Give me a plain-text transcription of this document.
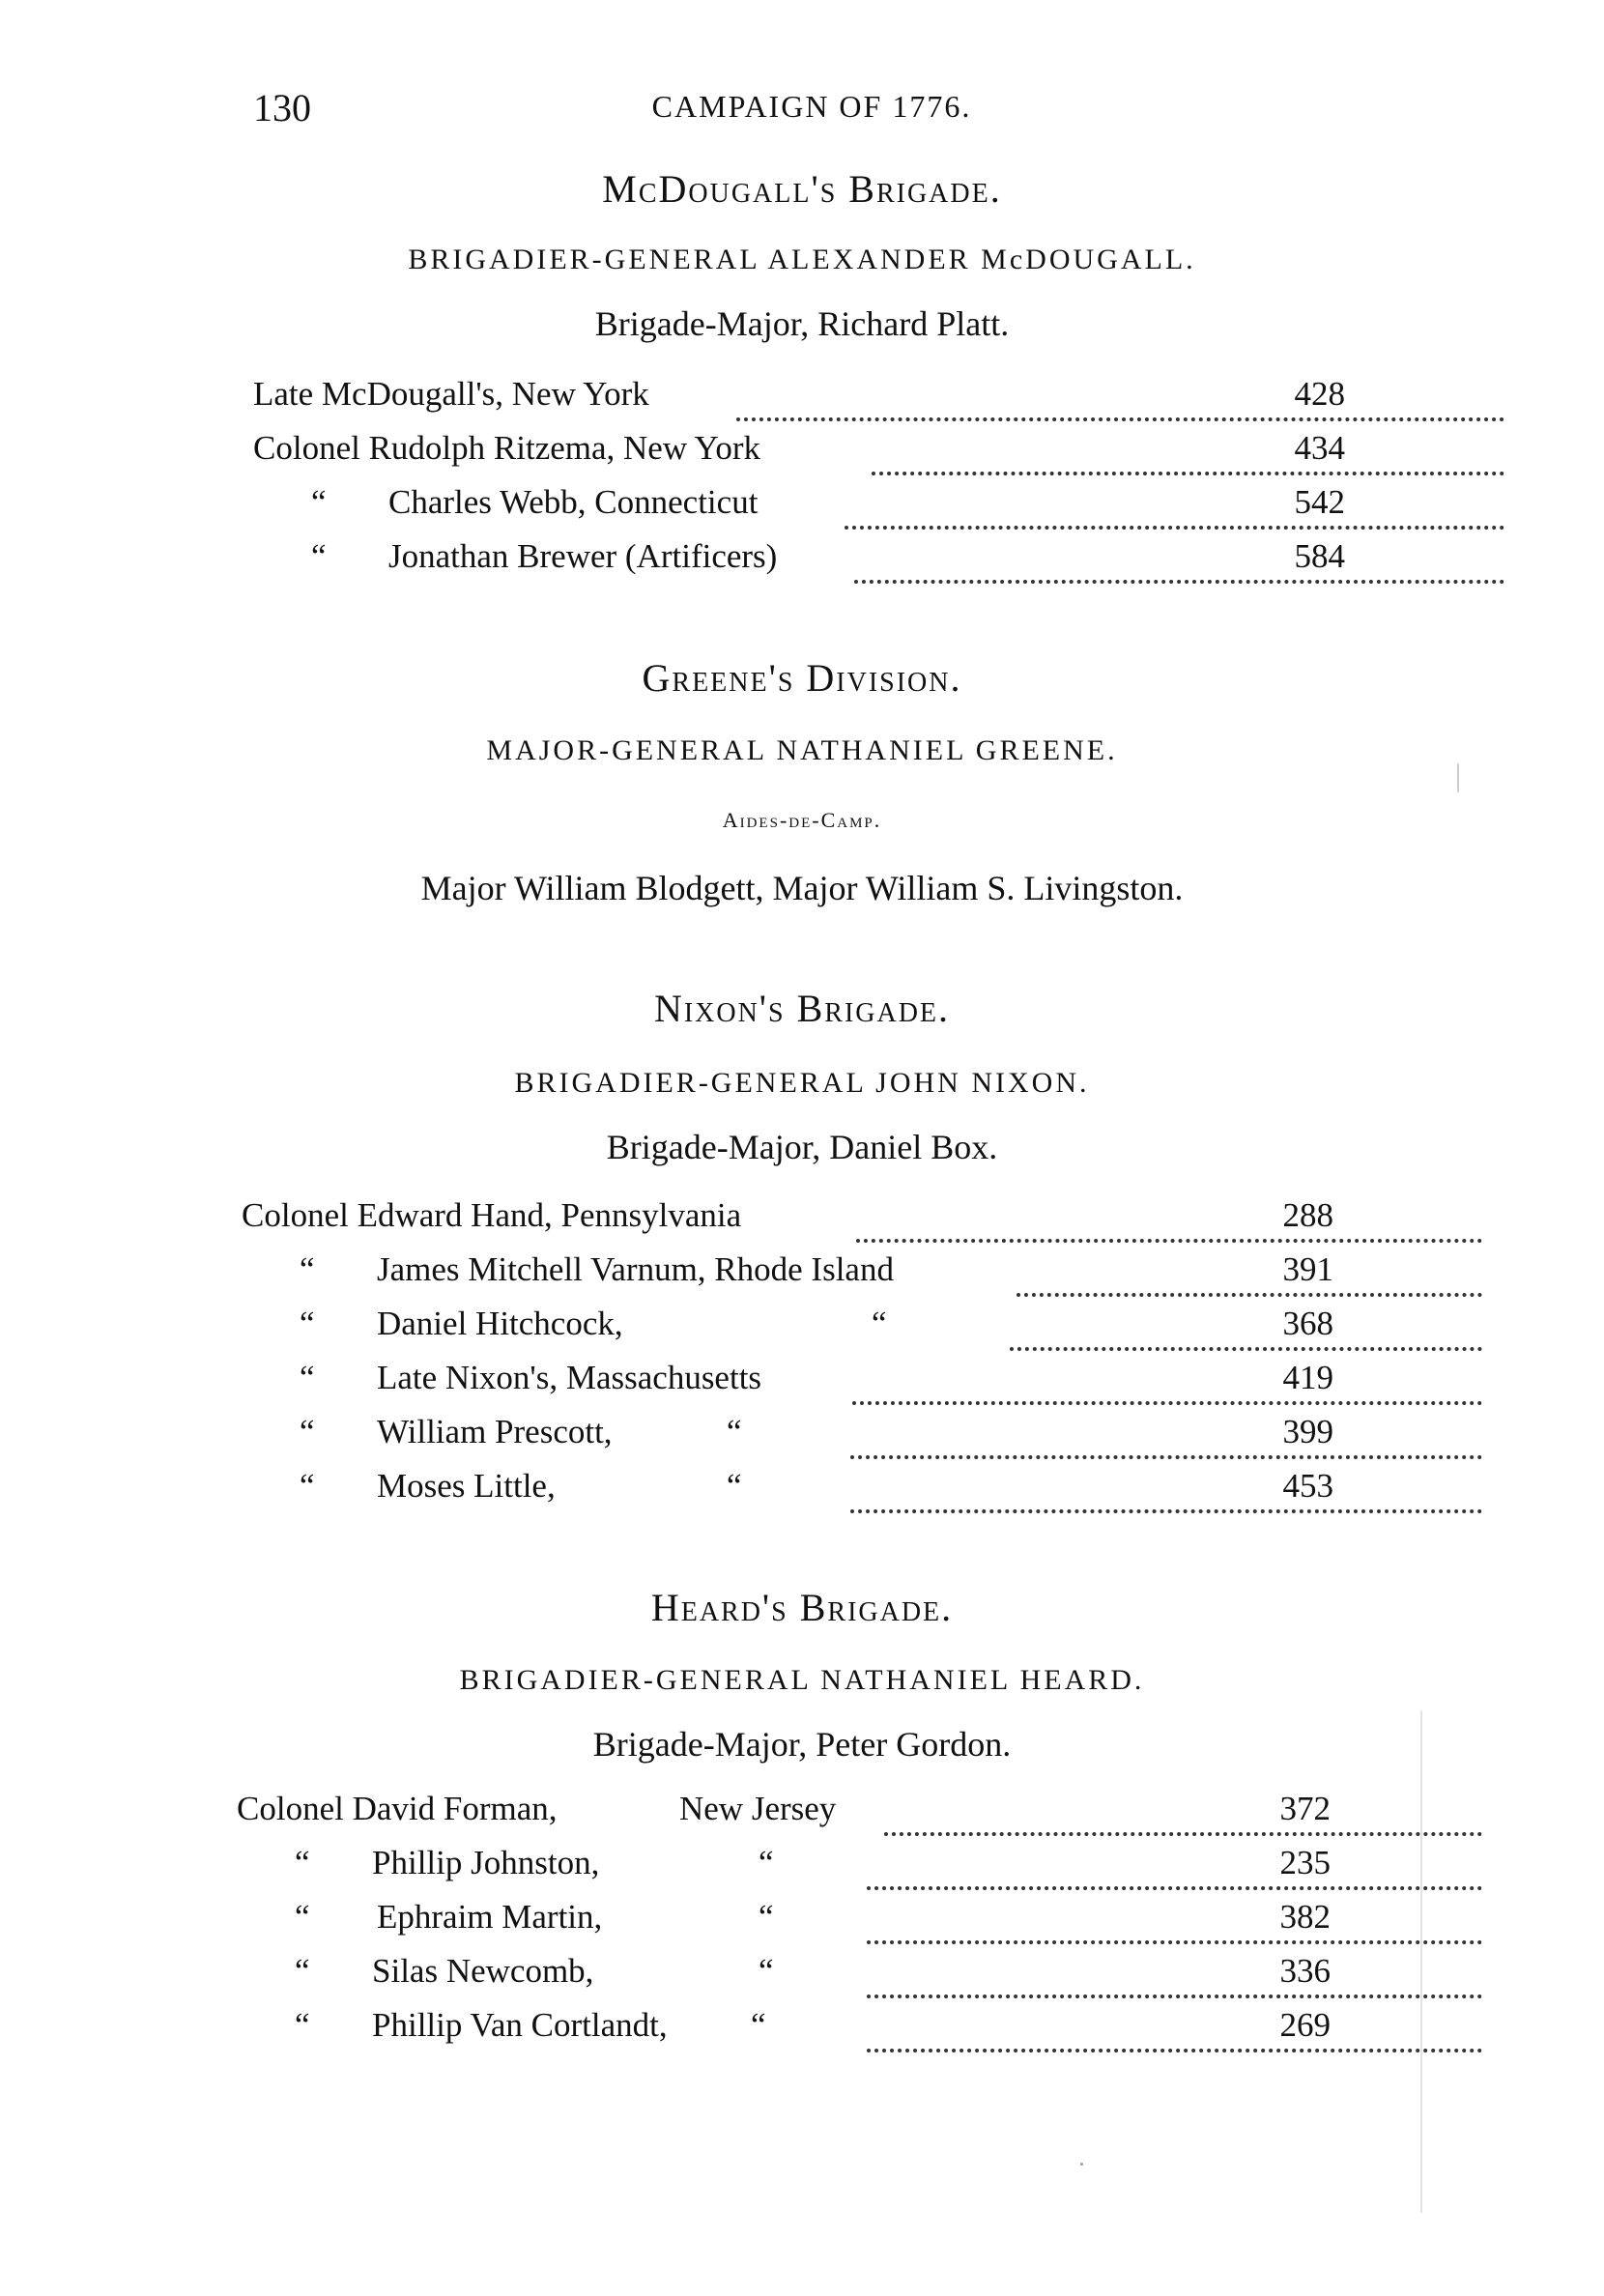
130	CAMPAIGN OF 1776.
McDougall's Brigade.
BRIGADIER-GENERAL ALEXANDER McDOUGALL.
Brigade-Major, Richard Platt.
Late McDougall's, New York	428
Colonel Rudolph Ritzema, New York	434
“ Charles Webb, Connecticut	542
“ Jonathan Brewer (Artificers)	584
Greene's Division.
MAJOR-GENERAL NATHANIEL GREENE.
Aides-de-Camp.
Major William Blodgett, Major William S. Livingston.
Nixon's Brigade.
BRIGADIER-GENERAL JOHN NIXON.
Brigade-Major, Daniel Box.
Colonel Edward Hand, Pennsylvania	288
“ James Mitchell Varnum, Rhode Island	391
“ Daniel Hitchcock,	“	368
“ Late Nixon's, Massachusetts	419
“ William Prescott,	“	399
“ Moses Little,	“	453
Heard's Brigade.
BRIGADIER-GENERAL NATHANIEL HEARD.
Brigade-Major, Peter Gordon.
Colonel David Forman,	New Jersey	372
“ Phillip Johnston,	“	235
“ Ephraim Martin,	“	382
“ Silas Newcomb,	“	336
“ Phillip Van Cortlandt, “	269
